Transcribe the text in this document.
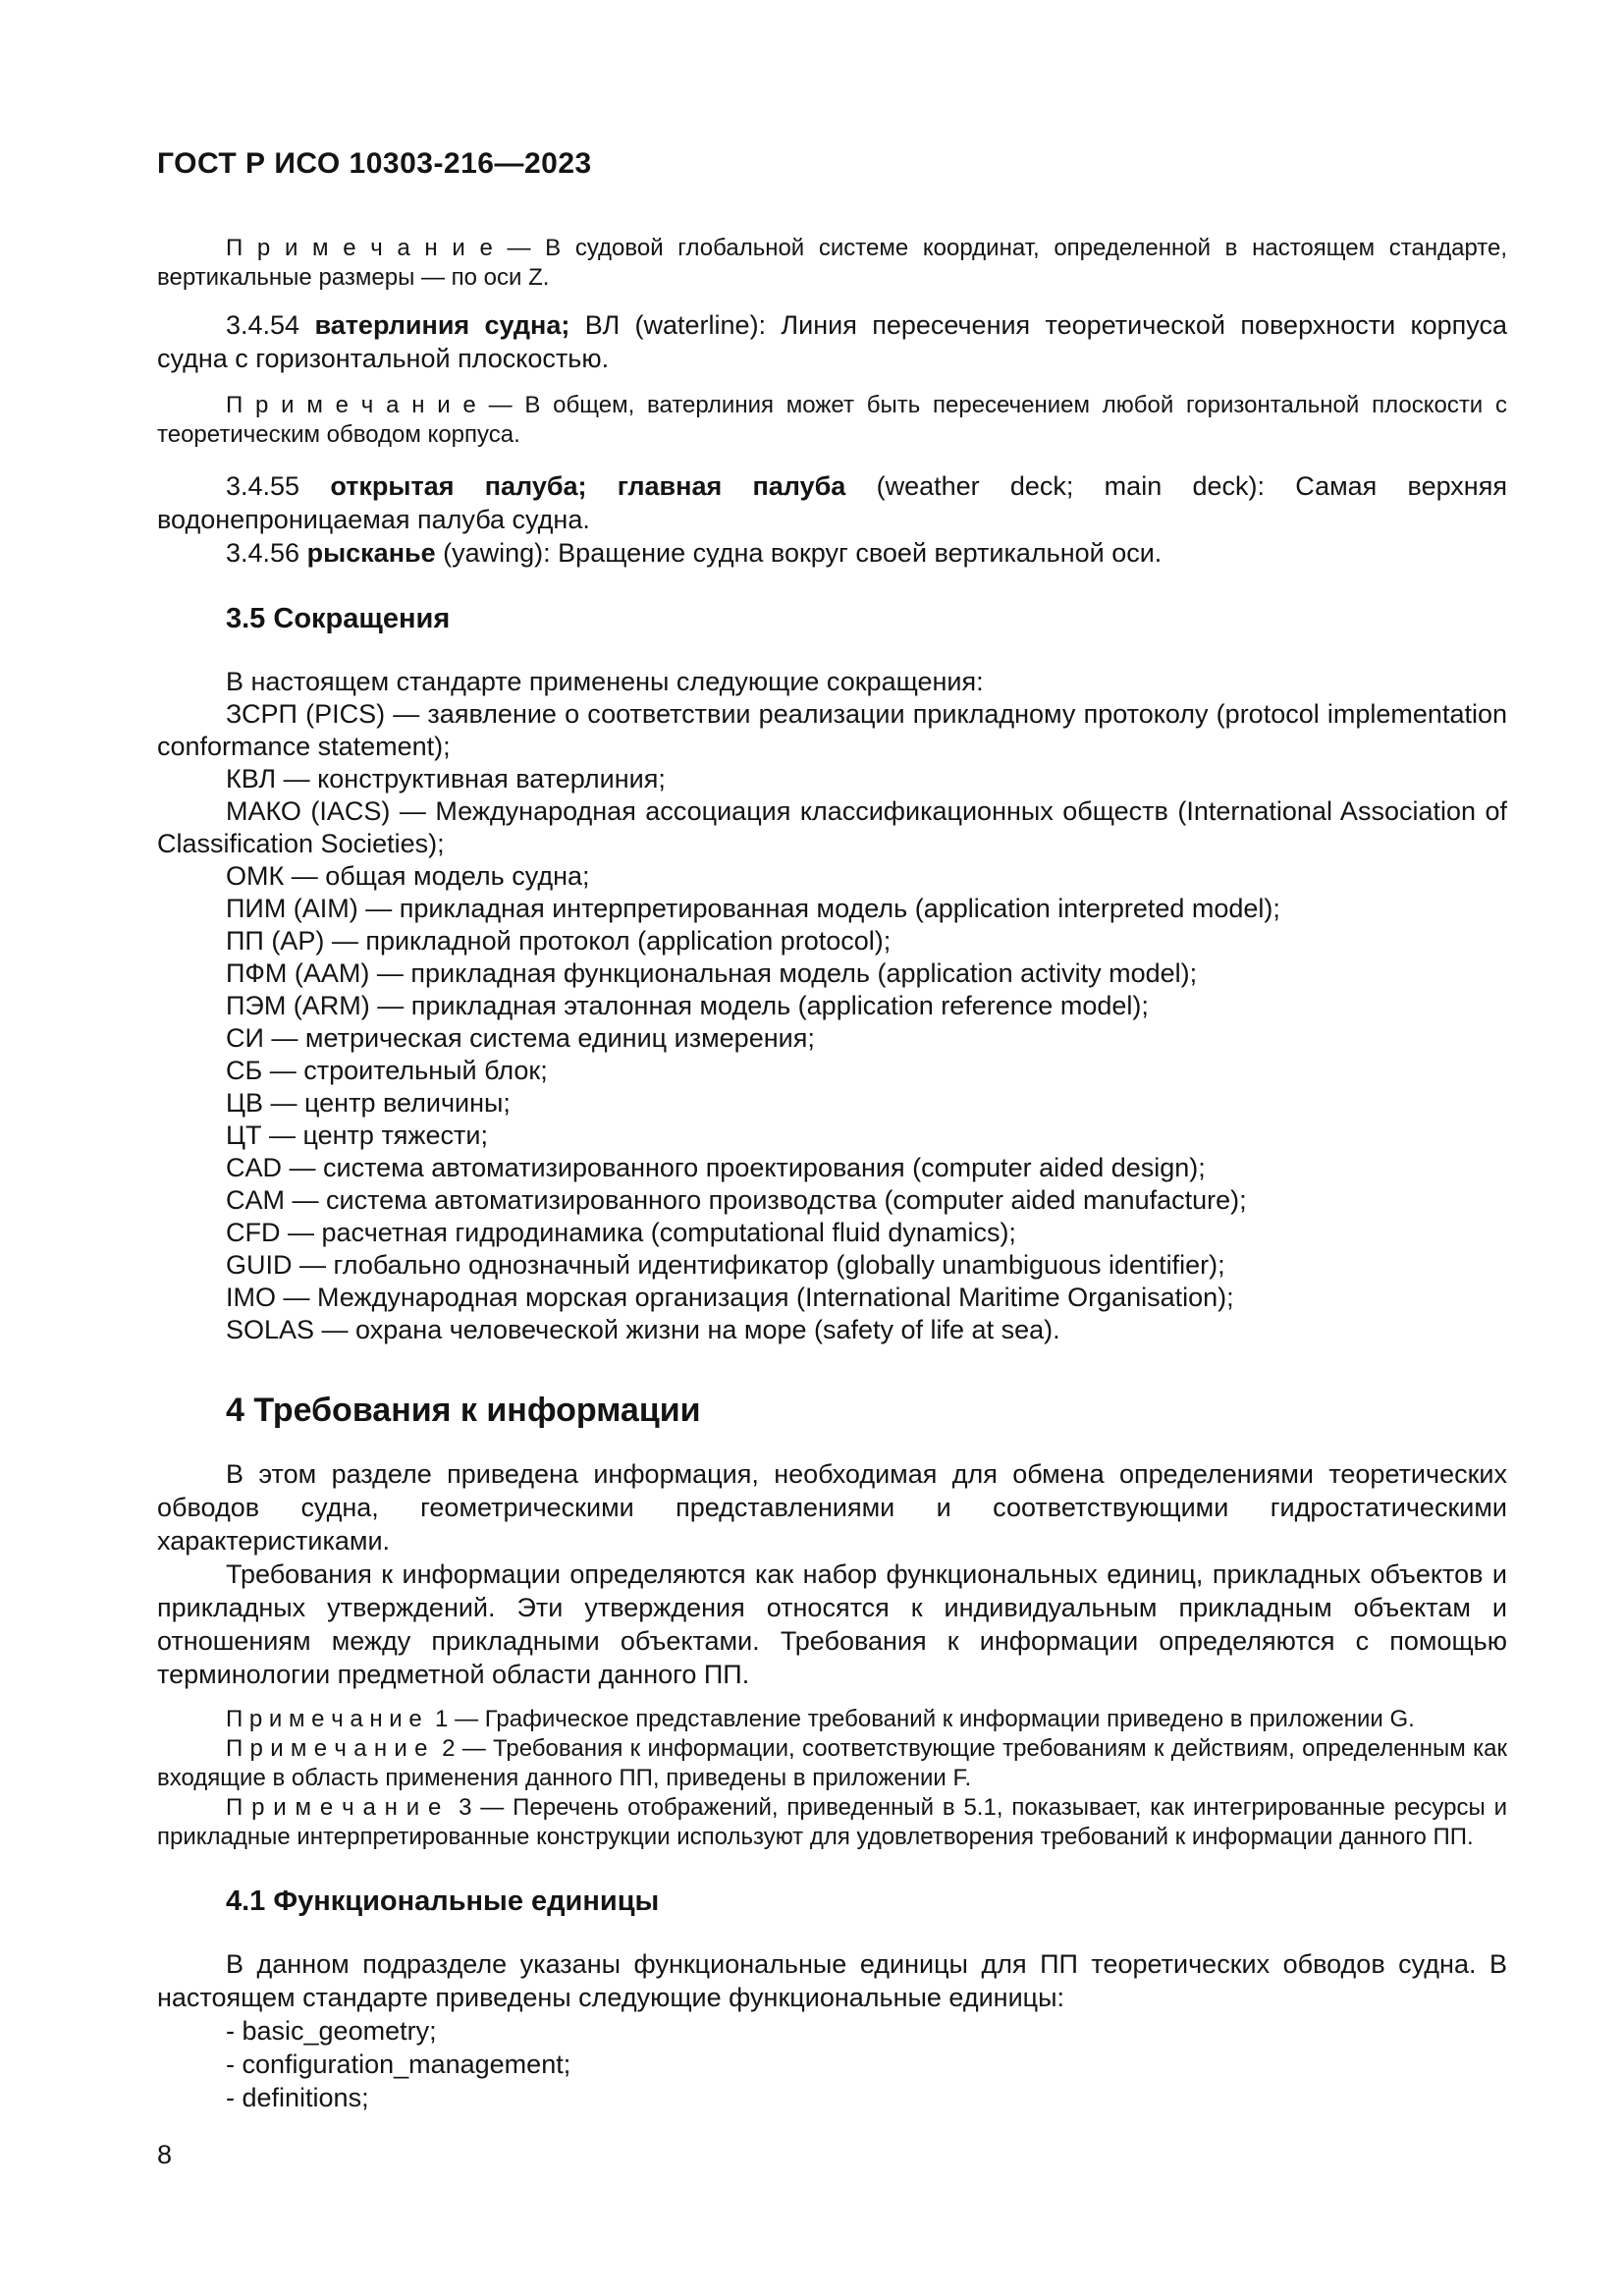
ГОСТ Р ИСО 10303-216—2023

П р и м е ч а н и е — В судовой глобальной системе координат, определенной в настоящем стандарте, вертикальные размеры — по оси Z.

3.4.54 ватерлиния судна; ВЛ (waterline): Линия пересечения теоретической поверхности корпуса судна с горизонтальной плоскостью.

П р и м е ч а н и е — В общем, ватерлиния может быть пересечением любой горизонтальной плоскости с теоретическим обводом корпуса.

3.4.55 открытая палуба; главная палуба (weather deck; main deck): Самая верхняя водонепроницаемая палуба судна.

3.4.56 рысканье (yawing): Вращение судна вокруг своей вертикальной оси.

3.5 Сокращения

В настоящем стандарте применены следующие сокращения:

ЗСРП (PICS) — заявление о соответствии реализации прикладному протоколу (protocol implementation conformance statement);

КВЛ — конструктивная ватерлиния;

МАКО (IACS) — Международная ассоциация классификационных обществ (International Association of Classification Societies);

ОМК — общая модель судна;

ПИМ (AIM) — прикладная интерпретированная модель (application interpreted model);

ПП (AP) — прикладной протокол (application protocol);

ПФМ (AAM) — прикладная функциональная модель (application activity model);

ПЭМ (ARM) — прикладная эталонная модель (application reference model);

СИ — метрическая система единиц измерения;

СБ — строительный блок;

ЦВ — центр величины;

ЦТ — центр тяжести;

CAD — система автоматизированного проектирования (computer aided design);

CAM — система автоматизированного производства (computer aided manufacture);

CFD — расчетная гидродинамика (computational fluid dynamics);

GUID — глобально однозначный идентификатор (globally unambiguous identifier);

IMO — Международная морская организация (International Maritime Organisation);

SOLAS — охрана человеческой жизни на море (safety of life at sea).

4 Требования к информации

В этом разделе приведена информация, необходимая для обмена определениями теоретических обводов судна, геометрическими представлениями и соответствующими гидростатическими характеристиками.

Требования к информации определяются как набор функциональных единиц, прикладных объектов и прикладных утверждений. Эти утверждения относятся к индивидуальным прикладным объектам и отношениям между прикладными объектами. Требования к информации определяются с помощью терминологии предметной области данного ПП.

П р и м е ч а н и е  1 — Графическое представление требований к информации приведено в приложении G.

П р и м е ч а н и е  2 — Требования к информации, соответствующие требованиям к действиям, определенным как входящие в область применения данного ПП, приведены в приложении F.

П р и м е ч а н и е  3 — Перечень отображений, приведенный в 5.1, показывает, как интегрированные ресурсы и прикладные интерпретированные конструкции используют для удовлетворения требований к информации данного ПП.

4.1 Функциональные единицы

В данном подразделе указаны функциональные единицы для ПП теоретических обводов судна. В настоящем стандарте приведены следующие функциональные единицы:

- basic_geometry;

- configuration_management;

- definitions;

8
